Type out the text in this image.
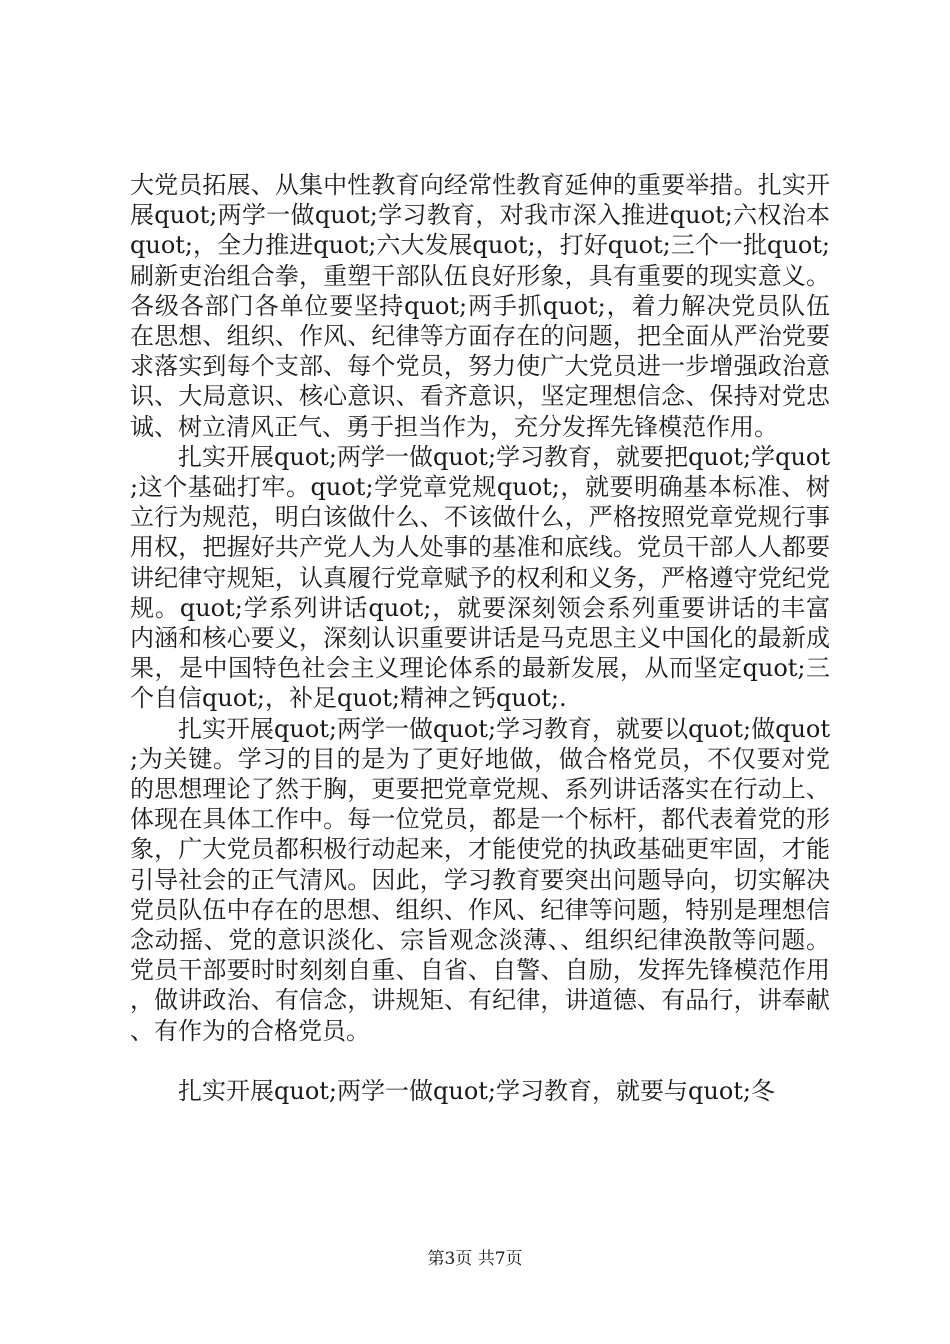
大党员拓展、从集中性教育向经常性教育延伸的重要举措。扎实开展quot;两学一做quot;学习教育，对我市深入推进quot;六权治本quot;，全力推进quot;六大发展quot;，打好quot;三个一批quot;刷新吏治组合拳，重塑干部队伍良好形象，具有重要的现实意义。各级各部门各单位要坚持quot;两手抓quot;，着力解决党员队伍在思想、组织、作风、纪律等方面存在的问题，把全面从严治党要求落实到每个支部、每个党员，努力使广大党员进一步增强政治意识、大局意识、核心意识、看齐意识，坚定理想信念、保持对党忠诚、树立清风正气、勇于担当作为，充分发挥先锋模范作用。

扎实开展quot;两学一做quot;学习教育，就要把quot;学quot;这个基础打牢。quot;学党章党规quot;，就要明确基本标准、树立行为规范，明白该做什么、不该做什么，严格按照党章党规行事用权，把握好共产党人为人处事的基准和底线。党员干部人人都要讲纪律守规矩，认真履行党章赋予的权利和义务，严格遵守党纪党规。quot;学系列讲话quot;，就要深刻领会系列重要讲话的丰富内涵和核心要义，深刻认识重要讲话是马克思主义中国化的最新成果，是中国特色社会主义理论体系的最新发展，从而坚定quot;三个自信quot;，补足quot;精神之钙quot;.

扎实开展quot;两学一做quot;学习教育，就要以quot;做quot;为关键。学习的目的是为了更好地做，做合格党员，不仅要对党的思想理论了然于胸，更要把党章党规、系列讲话落实在行动上、体现在具体工作中。每一位党员，都是一个标杆，都代表着党的形象，广大党员都积极行动起来，才能使党的执政基础更牢固，才能引导社会的正气清风。因此，学习教育要突出问题导向，切实解决党员队伍中存在的思想、组织、作风、纪律等问题，特别是理想信念动摇、党的意识淡化、宗旨观念淡薄、、组织纪律涣散等问题。党员干部要时时刻刻自重、自省、自警、自励，发挥先锋模范作用，做讲政治、有信念，讲规矩、有纪律，讲道德、有品行，讲奉献、有作为的合格党员。

扎实开展quot;两学一做quot;学习教育，就要与quot;冬

第3页 共7页
